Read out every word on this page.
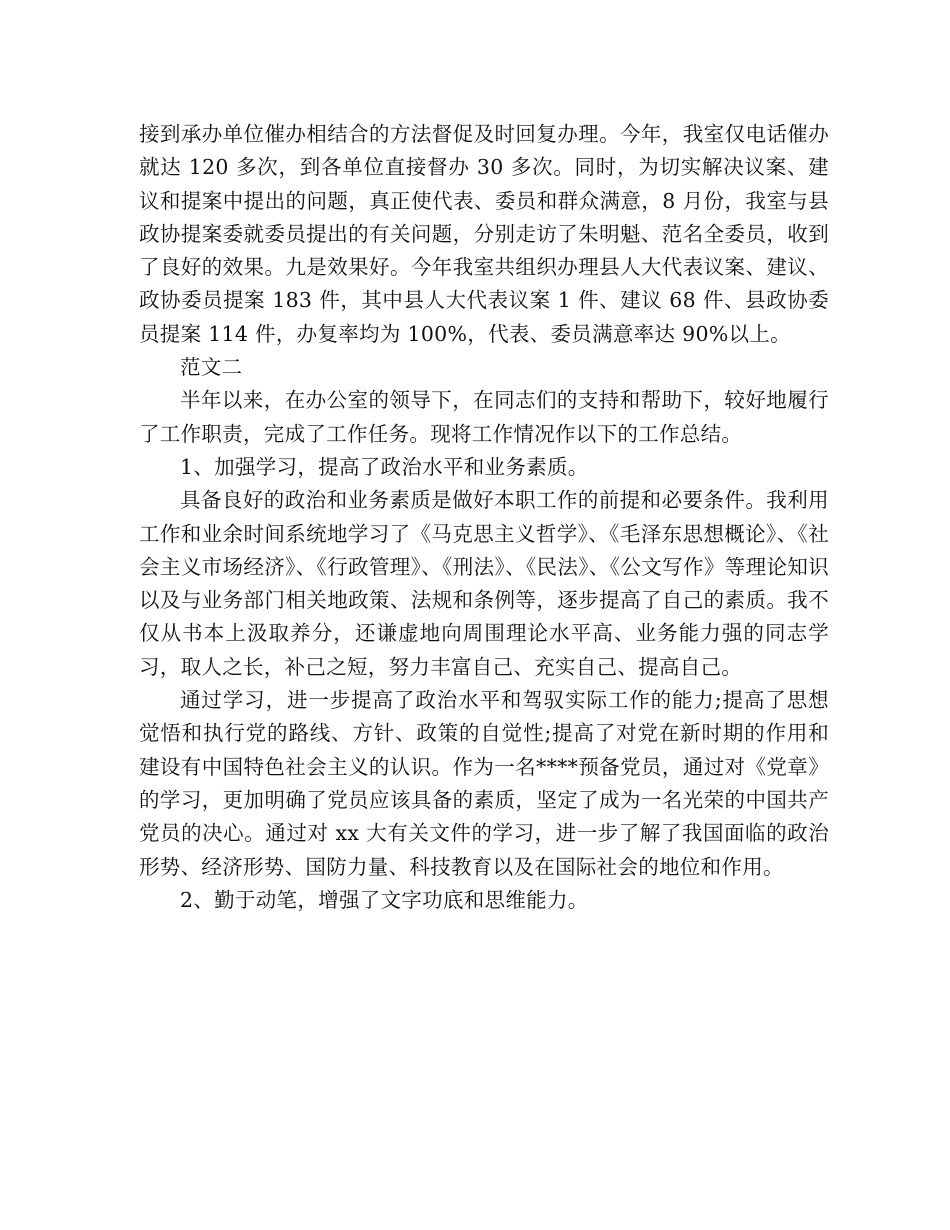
接到承办单位催办相结合的方法督促及时回复办理。今年，我室仅电话催办就达 120 多次，到各单位直接督办 30 多次。同时，为切实解决议案、建议和提案中提出的问题，真正使代表、委员和群众满意，8 月份，我室与县政协提案委就委员提出的有关问题，分别走访了朱明魁、范名全委员，收到了良好的效果。九是效果好。今年我室共组织办理县人大代表议案、建议、政协委员提案 183 件，其中县人大代表议案 1 件、建议 68 件、县政协委员提案 114 件，办复率均为 100%，代表、委员满意率达 90%以上。

范文二

半年以来，在办公室的领导下，在同志们的支持和帮助下，较好地履行了工作职责，完成了工作任务。现将工作情况作以下的工作总结。

1、加强学习，提高了政治水平和业务素质。

具备良好的政治和业务素质是做好本职工作的前提和必要条件。我利用工作和业余时间系统地学习了《马克思主义哲学》、《毛泽东思想概论》、《社会主义市场经济》、《行政管理》、《刑法》、《民法》、《公文写作》等理论知识以及与业务部门相关地政策、法规和条例等，逐步提高了自己的素质。我不仅从书本上汲取养分，还谦虚地向周围理论水平高、业务能力强的同志学习，取人之长，补己之短，努力丰富自己、充实自己、提高自己。

通过学习，进一步提高了政治水平和驾驭实际工作的能力;提高了思想觉悟和执行党的路线、方针、政策的自觉性;提高了对党在新时期的作用和建设有中国特色社会主义的认识。作为一名****预备党员，通过对《党章》的学习，更加明确了党员应该具备的素质，坚定了成为一名光荣的中国共产党员的决心。通过对 xx 大有关文件的学习，进一步了解了我国面临的政治形势、经济形势、国防力量、科技教育以及在国际社会的地位和作用。

2、勤于动笔，增强了文字功底和思维能力。
